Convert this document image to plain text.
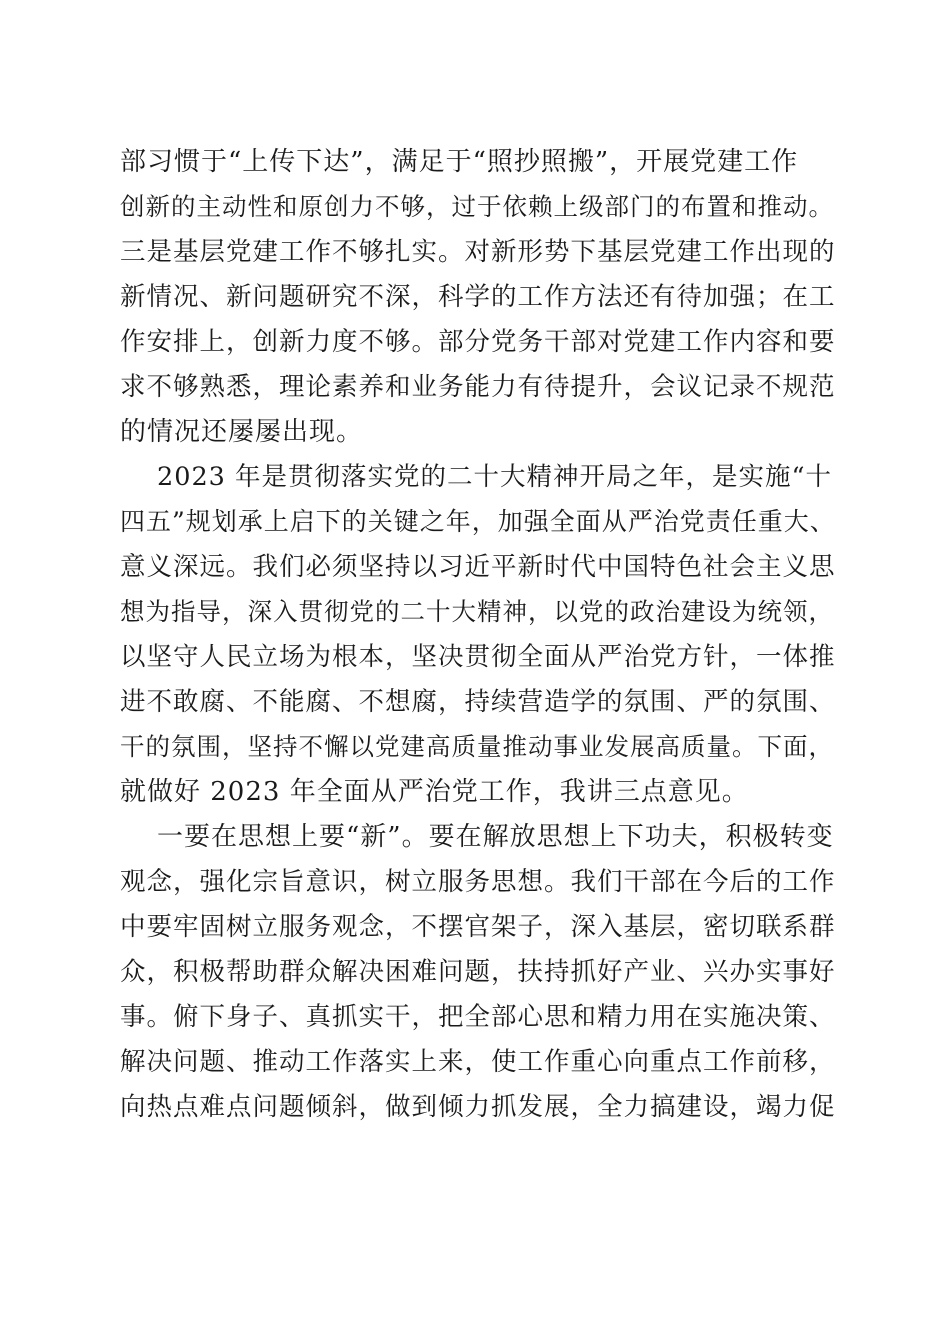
部习惯于“上传下达”，满足于“照抄照搬”，开展党建工作
创新的主动性和原创力不够，过于依赖上级部门的布置和推动。
三是基层党建工作不够扎实。对新形势下基层党建工作出现的
新情况、新问题研究不深，科学的工作方法还有待加强；在工
作安排上，创新力度不够。部分党务干部对党建工作内容和要
求不够熟悉，理论素养和业务能力有待提升，会议记录不规范
的情况还屡屡出现。
2023 年是贯彻落实党的二十大精神开局之年，是实施“十
四五”规划承上启下的关键之年，加强全面从严治党责任重大、
意义深远。我们必须坚持以习近平新时代中国特色社会主义思
想为指导，深入贯彻党的二十大精神，以党的政治建设为统领，
以坚守人民立场为根本，坚决贯彻全面从严治党方针，一体推
进不敢腐、不能腐、不想腐，持续营造学的氛围、严的氛围、
干的氛围，坚持不懈以党建高质量推动事业发展高质量。下面，
就做好 2023 年全面从严治党工作，我讲三点意见。
一要在思想上要“新”。要在解放思想上下功夫，积极转变
观念，强化宗旨意识，树立服务思想。我们干部在今后的工作
中要牢固树立服务观念，不摆官架子，深入基层，密切联系群
众，积极帮助群众解决困难问题，扶持抓好产业、兴办实事好
事。俯下身子、真抓实干，把全部心思和精力用在实施决策、
解决问题、推动工作落实上来，使工作重心向重点工作前移，
向热点难点问题倾斜，做到倾力抓发展，全力搞建设，竭力促
